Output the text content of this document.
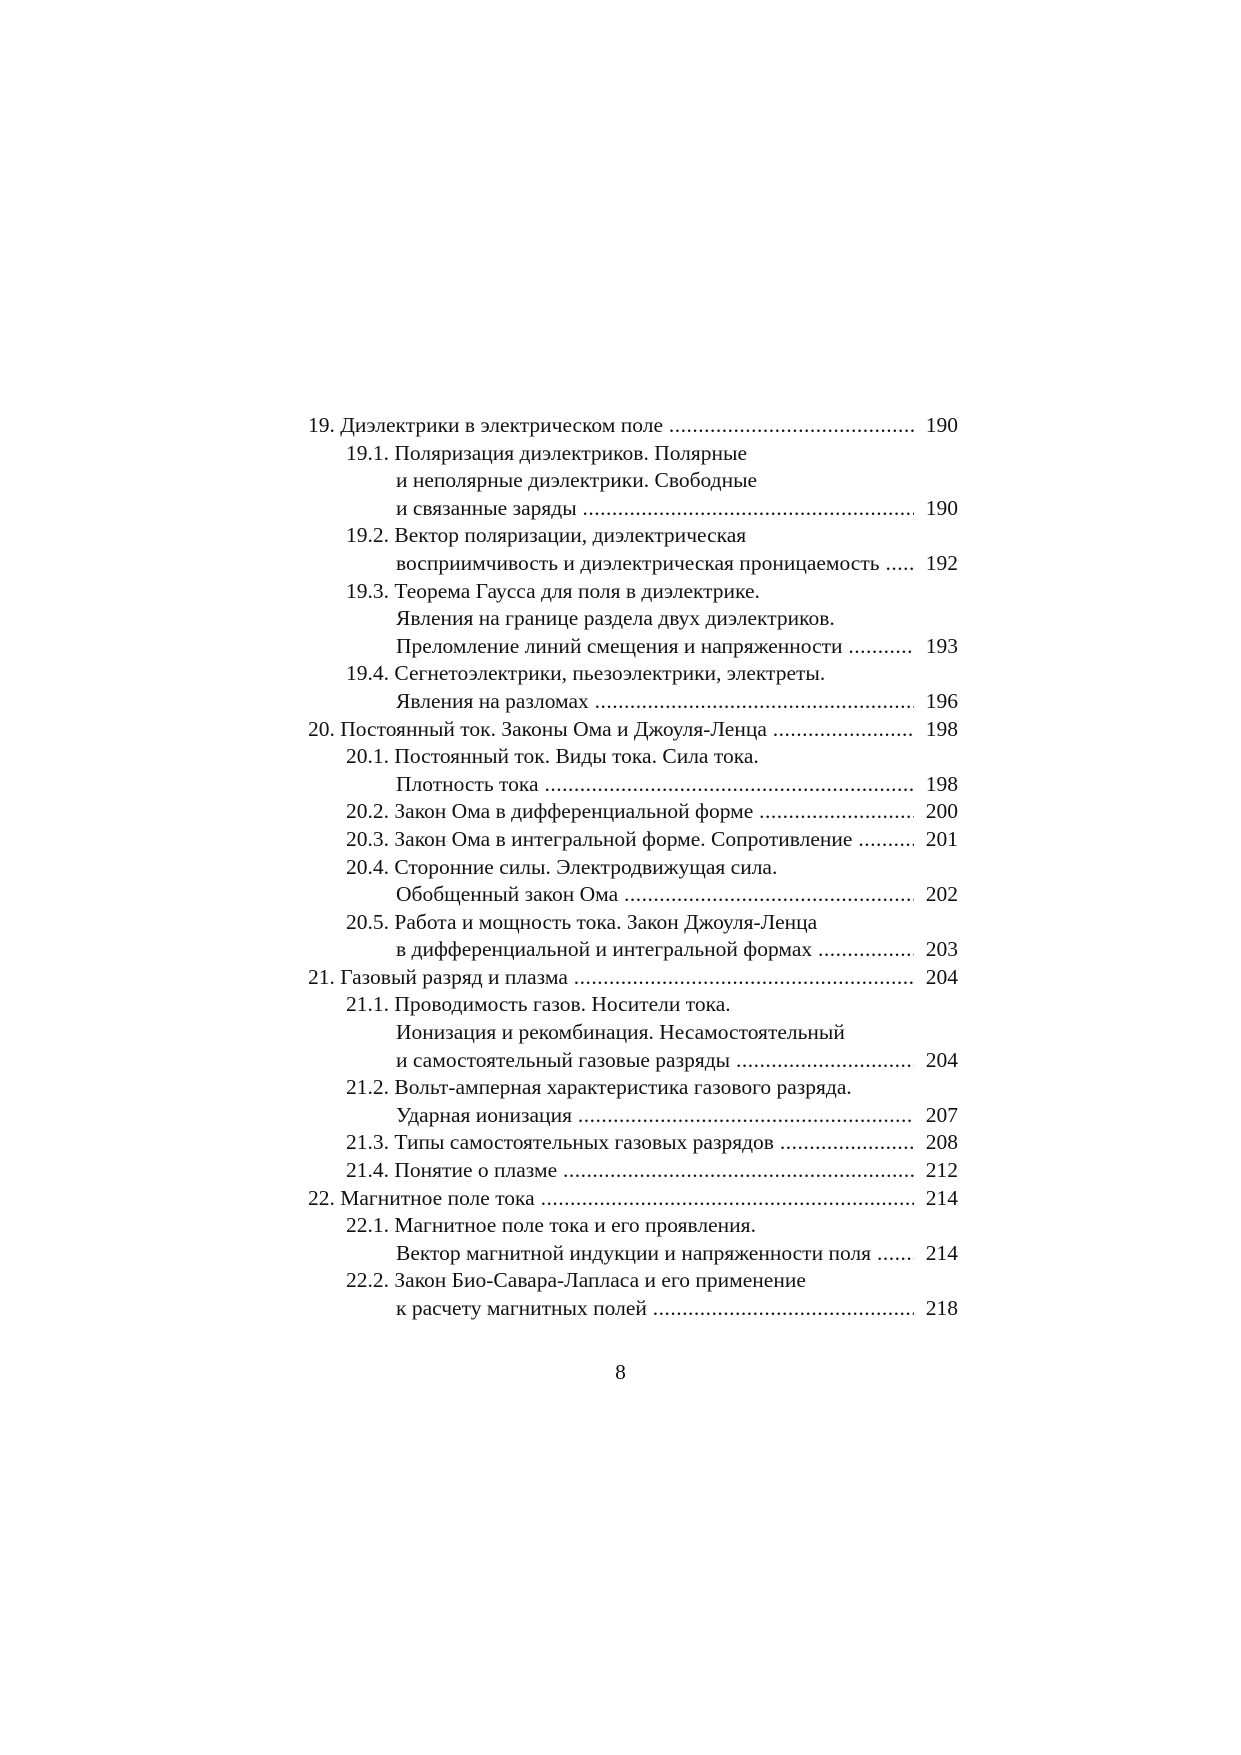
19. Диэлектрики в электрическом поле .....	190
19.1. Поляризация диэлектриков. Полярные
и неполярные диэлектрики. Свободные
и связанные заряды .....	190
19.2. Вектор поляризации, диэлектрическая
восприимчивость и диэлектрическая проницаемость .....	192
19.3. Теорема Гаусса для поля в диэлектрике.
Явления на границе раздела двух диэлектриков.
Преломление линий смещения и напряженности .....	193
19.4. Сегнетоэлектрики, пьезоэлектрики, электреты.
Явления на разломах .....	196
20. Постоянный ток. Законы Ома и Джоуля-Ленца .....	198
20.1. Постоянный ток. Виды тока. Сила тока.
Плотность тока .....	198
20.2. Закон Ома в дифференциальной форме .....	200
20.3. Закон Ома в интегральной форме. Сопротивление .....	201
20.4. Сторонние силы. Электродвижущая сила.
Обобщенный закон Ома .....	202
20.5. Работа и мощность тока. Закон Джоуля-Ленца
в дифференциальной и интегральной формах .....	203
21. Газовый разряд и плазма .....	204
21.1. Проводимость газов. Носители тока.
Ионизация и рекомбинация. Несамостоятельный
и самостоятельный газовые разряды .....	204
21.2. Вольт-амперная характеристика газового разряда.
Ударная ионизация .....	207
21.3. Типы самостоятельных газовых разрядов .....	208
21.4. Понятие о плазме .....	212
22. Магнитное поле тока .....	214
22.1. Магнитное поле тока и его проявления.
Вектор магнитной индукции и напряженности поля .....	214
22.2. Закон Био-Савара-Лапласа и его применение
к расчету магнитных полей .....	218
8
